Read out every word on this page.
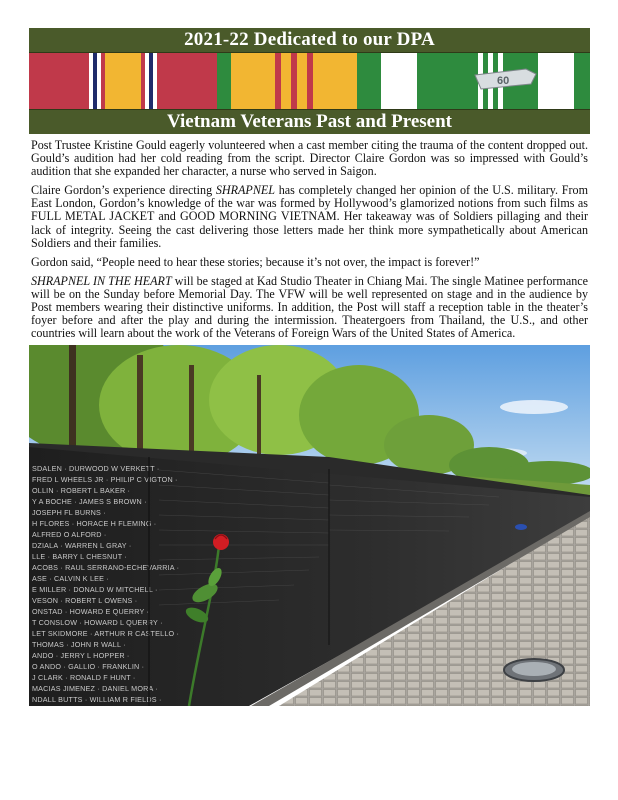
2021-22 Dedicated to our DPA
60
Vietnam Veterans Past and Present

Post Trustee Kristine Gould eagerly volunteered when a cast member citing the trauma of the content dropped out. Gould’s audition had her cold reading from the script. Director Claire Gordon was so impressed with Gould’s audition that she expanded her character, a nurse who served in Saigon.

Claire Gordon’s experience directing SHRAPNEL has completely changed her opinion of the U.S. military. From East London, Gordon’s knowledge of the war was formed by Hollywood’s glamorized notions from such films as FULL METAL JACKET and GOOD MORNING VIETNAM. Her takeaway was of Soldiers pillaging and their lack of integrity. Seeing the cast delivering those letters made her think more sympathetically about American Soldiers and their families.

Gordon said, “People need to hear these stories; because it’s not over, the impact is forever!”

SHRAPNEL IN THE HEART will be staged at Kad Studio Theater in Chiang Mai. The single Matinee performance will be on the Sunday before Memorial Day. The VFW will be well represented on stage and in the audience by Post members wearing their distinctive uniforms. In addition, the Post will staff a reception table in the theater’s foyer before and after the play and during the intermission. Theatergoers from Thailand, the U.S., and other countries will learn about the work of the Veterans of Foreign Wars of the United States of America.

SDALEN · DURWOOD W VERKETT ·
FRED L WHEELS JR · PHILIP C VIGTON ·
OLLIN · ROBERT L BAKER ·
Y A BOCHE · JAMES S BROWN ·
JOSEPH FL BURNS ·
H FLORES · HORACE H FLEMING ·
ALFRED O ALFORD ·
DZIALA · WARREN L GRAY ·
LLE · BARRY L CHESNUT ·
ACOBS · RAUL SERRANO-ECHEVARRIA ·
ASE · CALVIN K LEE ·
E MILLER · DONALD W MITCHELL ·
VESON · ROBERT L OWENS ·
ONSTAD · HOWARD E QUERRY ·
T CONSLOW · HOWARD L QUERRY ·
LET SKIDMORE · ARTHUR R CASTELLO ·
THOMAS · JOHN R WALL ·
ANDO · JERRY L HOPPER ·
O ANDO · GALLIO · FRANKLIN ·
J CLARK · RONALD F HUNT ·
MACIAS JIMENEZ · DANIEL MORA ·
NDALL BUTTS · WILLIAM R FIELDS ·
